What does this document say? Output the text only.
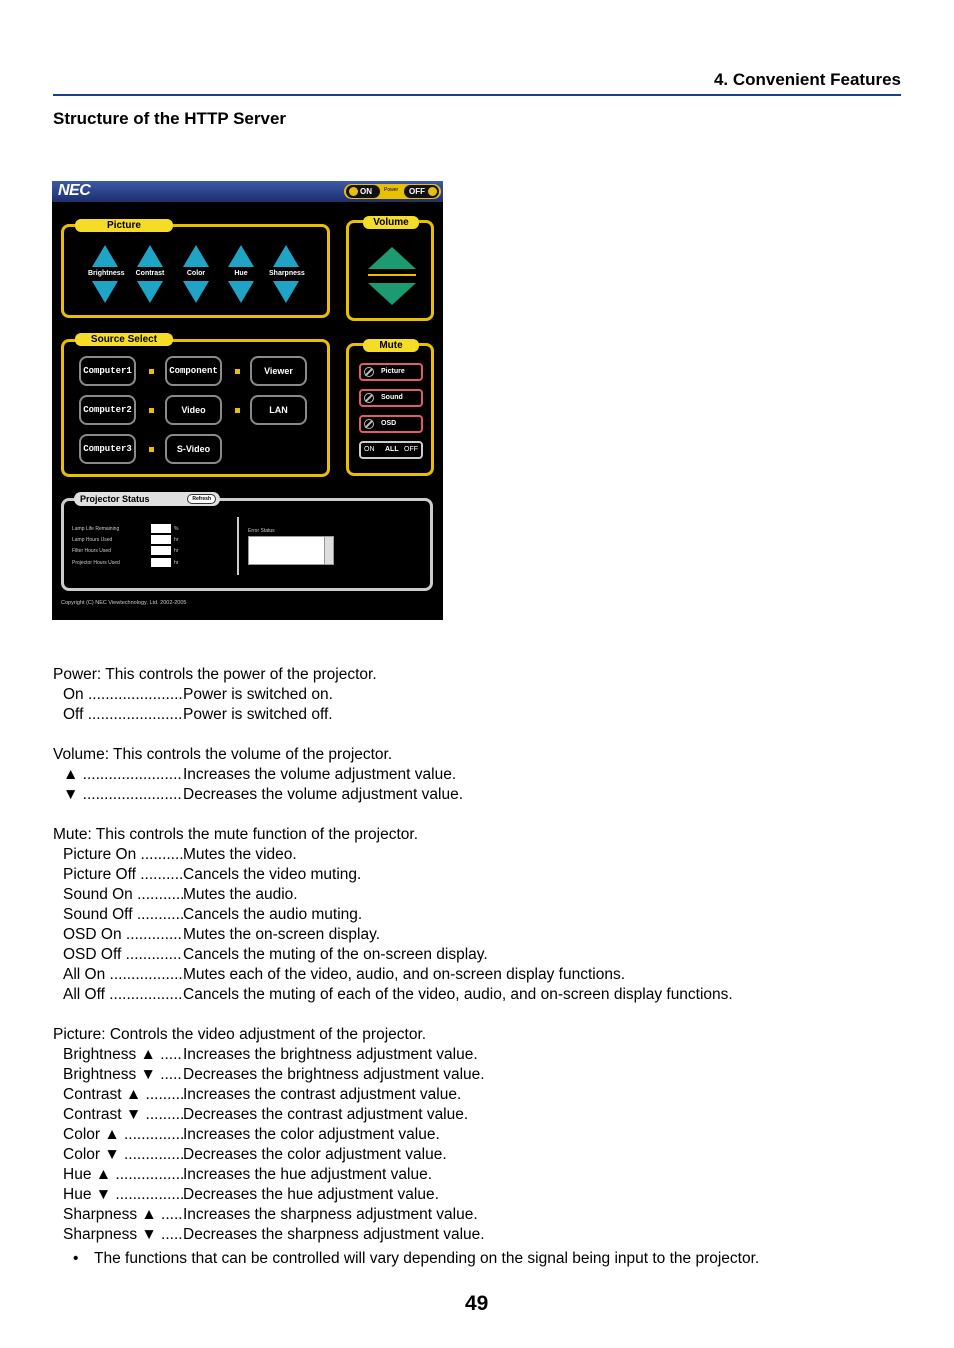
4. Convenient Features
Structure of the HTTP Server
NEC	ON	Power	OFF
Picture
Brightness	Contrast	Color	Hue	Sharpness
Volume
Source Select
Computer1	Component	Viewer
Computer2	Video	LAN
Computer3	S-Video
Picture
Sound
OSD
ON ALL OFF
Mute
Projector Status	Refresh
Lamp Life Remaining	%
Lamp Hours Used	hr
Filter Hours Used	hr
Projector Hours Used	hr
Error Status
Copyright (C) NEC Viewtechnology, Ltd. 2002-2005

Power: This controls the power of the projector.

On .....	Power is switched on.
Off .....	Power is switched off.

Volume: This controls the volume of the projector.

▲ .....	Increases the volume adjustment value.
▼ .....	Decreases the volume adjustment value.

Mute: This controls the mute function of the projector.

Picture On .....	Mutes the video.
Picture Off .....	Cancels the video muting.
Sound On .....	Mutes the audio.
Sound Off .....	Cancels the audio muting.
OSD On .....	Mutes the on-screen display.
OSD Off .....	Cancels the muting of the on-screen display.
All On .....	Mutes each of the video, audio, and on-screen display functions.
All Off .....	Cancels the muting of each of the video, audio, and on-screen display functions.

Picture: Controls the video adjustment of the projector.

Brightness ▲ .....	Increases the brightness adjustment value.
Brightness ▼ .....	Decreases the brightness adjustment value.
Contrast ▲ .....	Increases the contrast adjustment value.
Contrast ▼ .....	Decreases the contrast adjustment value.
Color ▲ .....	Increases the color adjustment value.
Color ▼ .....	Decreases the color adjustment value.
Hue ▲ .....	Increases the hue adjustment value.
Hue ▼ .....	Decreases the hue adjustment value.
Sharpness ▲ .....	Increases the sharpness adjustment value.
Sharpness ▼ .....	Decreases the sharpness adjustment value.
• The functions that can be controlled will vary depending on the signal being input to the projector.
49
